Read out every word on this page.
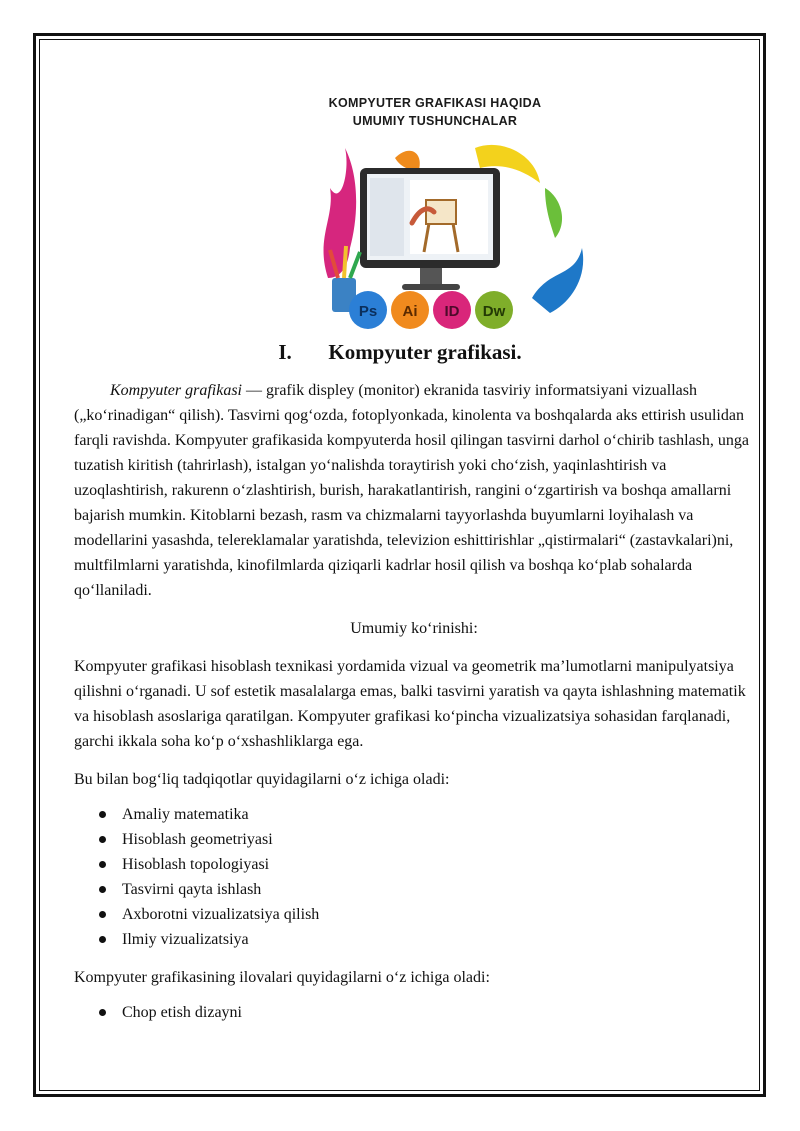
KOMPYUTER GRAFIKASI HAQIDA
UMUMIY TUSHUNCHALAR
Ps Ai ID Dw
I. Kompyuter grafikasi.

Kompyuter grafikasi — grafik displey (monitor) ekranida tasviriy informatsiyani vizuallash („ko‘rinadigan“ qilish). Tasvirni qog‘ozda, fotoplyonkada, kinolenta va boshqalarda aks ettirish usulidan farqli ravishda. Kompyuter grafikasida kompyuterda hosil qilingan tasvirni darhol o‘chirib tashlash, unga tuzatish kiritish (tahrirlash), istalgan yo‘nalishda toraytirish yoki cho‘zish, yaqinlashtirish va uzoqlashtirish, rakurenn o‘zlashtirish, burish, harakatlantirish, rangini o‘zgartirish va boshqa amallarni bajarish mumkin. Kitoblarni bezash, rasm va chizmalarni tayyorlashda buyumlarni loyihalash va modellarini yasashda, telereklamalar yaratishda, televizion eshittirishlar „qistirmalari“ (zastavkalari)ni, multfilmlarni yaratishda, kinofilmlarda qiziqarli kadrlar hosil qilish va boshqa ko‘plab sohalarda qo‘llaniladi.

Umumiy ko‘rinishi:

Kompyuter grafikasi hisoblash texnikasi yordamida vizual va geometrik ma’lumotlarni manipulyatsiya qilishni o‘rganadi. U sof estetik masalalarga emas, balki tasvirni yaratish va qayta ishlashning matematik va hisoblash asoslariga qaratilgan. Kompyuter grafikasi ko‘pincha vizualizatsiya sohasidan farqlanadi, garchi ikkala soha ko‘p o‘xshashliklarga ega.

Bu bilan bog‘liq tadqiqotlar quyidagilarni o‘z ichiga oladi:

Amaliy matematika
Hisoblash geometriyasi
Hisoblash topologiyasi
Tasvirni qayta ishlash
Axborotni vizualizatsiya qilish
Ilmiy vizualizatsiya

Kompyuter grafikasining ilovalari quyidagilarni o‘z ichiga oladi:

Chop etish dizayni
